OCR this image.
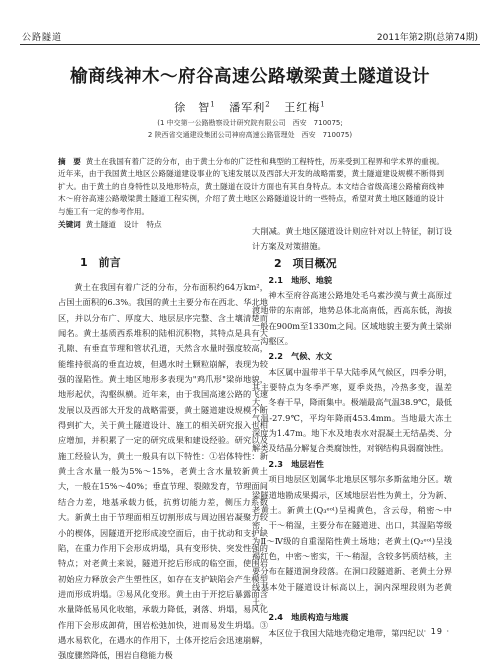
公路隧道	2011年第2期(总第74期)
榆商线神木～府谷高速公路墩梁黄土隧道设计
徐　智$^1$ 潘军利$^2$ 王红梅$^1$
(1 中交第一公路勘察设计研究院有限公司　西安　710075;
2 陕西省交通建设集团公司神府高速公路管理处　西安　710075)
摘　要 黄土在我国有着广泛的分布，由于黄土分布的广泛性和典型的工程特性，历来受到工程界和学术界的重视。近年来，由于我国黄土地区公路隧道建设事业的飞速发展以及西部大开发的战略需要，黄土隧道建设规模不断得到扩大。由于黄土的自身特性以及地形特点，黄土隧道在设计方面也有其自身特点。本文结合省级高速公路榆商线神木～府谷高速公路墩梁黄土隧道工程实例，介绍了黄土地区公路隧道设计的一些特点，希望对黄土地区隧道的设计与施工有一定的参考作用。
关键词 黄土隧道　设计　特点

1　前言

黄土在我国有着广泛的分布，分布面积约64万km²，占国土面积的6.3%。我国的黄土主要分布在西北、华北地区，并以分布广、厚度大、地层层序完整、含土壤清楚而闻名。黄土基质西系堆积的陆相沉积物，其特点是具有大孔隙、有垂直节理和管状孔道，天然含水量时强度较高，能维持很高的垂直边坡，但遇水时土颗粒崩解，表现为较强的湿陷性。黄土地区地形多表现为"鸡爪形"梁峁地貌，地形起伏，沟壑纵横。近年来，由于我国高速公路的飞速发展以及西部大开发的战略需要，黄土隧道建设规模不断得到扩大，关于黄土隧道设计、施工的相关研究报入也相应增加，并积累了一定的研究成果和建设经验。研究以及施工经验认为，黄土一般具有以下特性：①岩体特性：新黄土含水量一般为5%～15%，老黄土含水量较新黄土大，一般在15%～40%；垂直节理、裂隙发育，节理面间结合力差，地基承载力低，抗剪切能力差，侧压力系数大。新黄土由于节理面相互切割形成与周边围岩凝聚力较小的楔体，因隧道开挖形成凌空面后，由于扰动和支护缺陷，在重力作用下会形成坍塌，具有变形快、突发性强的特点；对老黄土来说，隧道开挖后形成的临空面，使围岩初始应力释放会产生塑性区，如存在支护缺陷会产生模型进而形成坍塌。②易风化变形。黄土由于开挖后暴露面含水量降低易风化收缩，承载力降低，剥落、坍塌，易风化作用下会形成卸荷，围岩松弛加快，进而易发生坍塌。③遇水易软化，在遇水的作用下，土体开挖后会迅速崩解，强度骤然降低，围岩自稳能力极

大削减。黄土地区隧道设计则应针对以上特征，制订设计方案及对策措施。

2　项目概况

2.1　地形、地貌

神木至府谷高速公路地处毛乌素沙漠与黄土高原过渡地带的东南部，地势总体北高南低，西高东低，海拔一般在900m至1330m之间。区域地貌主要为黄土梁峁一沟壑区。

2.2　气候、水文

本区属中温带半干旱大陆季风气候区，四季分明，其主要特点为冬季严寒，夏季炎热，冷热多变，温差大，冬春干旱，降雨集中。极端最高气温38.9℃，最低气温-27.9℃，平均年降雨453.4mm。当地最大冻土深度为1.47m。地下水及地表水对混凝土无结晶类、分解类及结晶分解复合类腐蚀性，对钢结构具弱腐蚀性。

2.3　地层岩性

项目地层区划属华北地层区鄂尔多斯盆地分区。墩梁隧道地勘成果揭示，区域地层岩性为黄土，分为新、老黄土。新黄土(Q₃ᵉᵒˡ)呈褐黄色，含云母，稍密～中密，干～稍湿，主要分布在隧道进、出口，其湿陷等级为Ⅱ～Ⅳ级的自重湿陷性黄土场地；老黄土(Q₂ᵉᵒˡ)呈浅褐红色，中密～密实，干～稍湿，含较多钙质结核，主要分布在隧道洞身段落。在洞口段隧道新、老黄土分界线基本处于隧道设计标高以上，洞内深埋段则为老黄土。

2.4　地质构造与地震

本区位于我国大陆地壳稳定地带，第四纪以 · 19 ·
